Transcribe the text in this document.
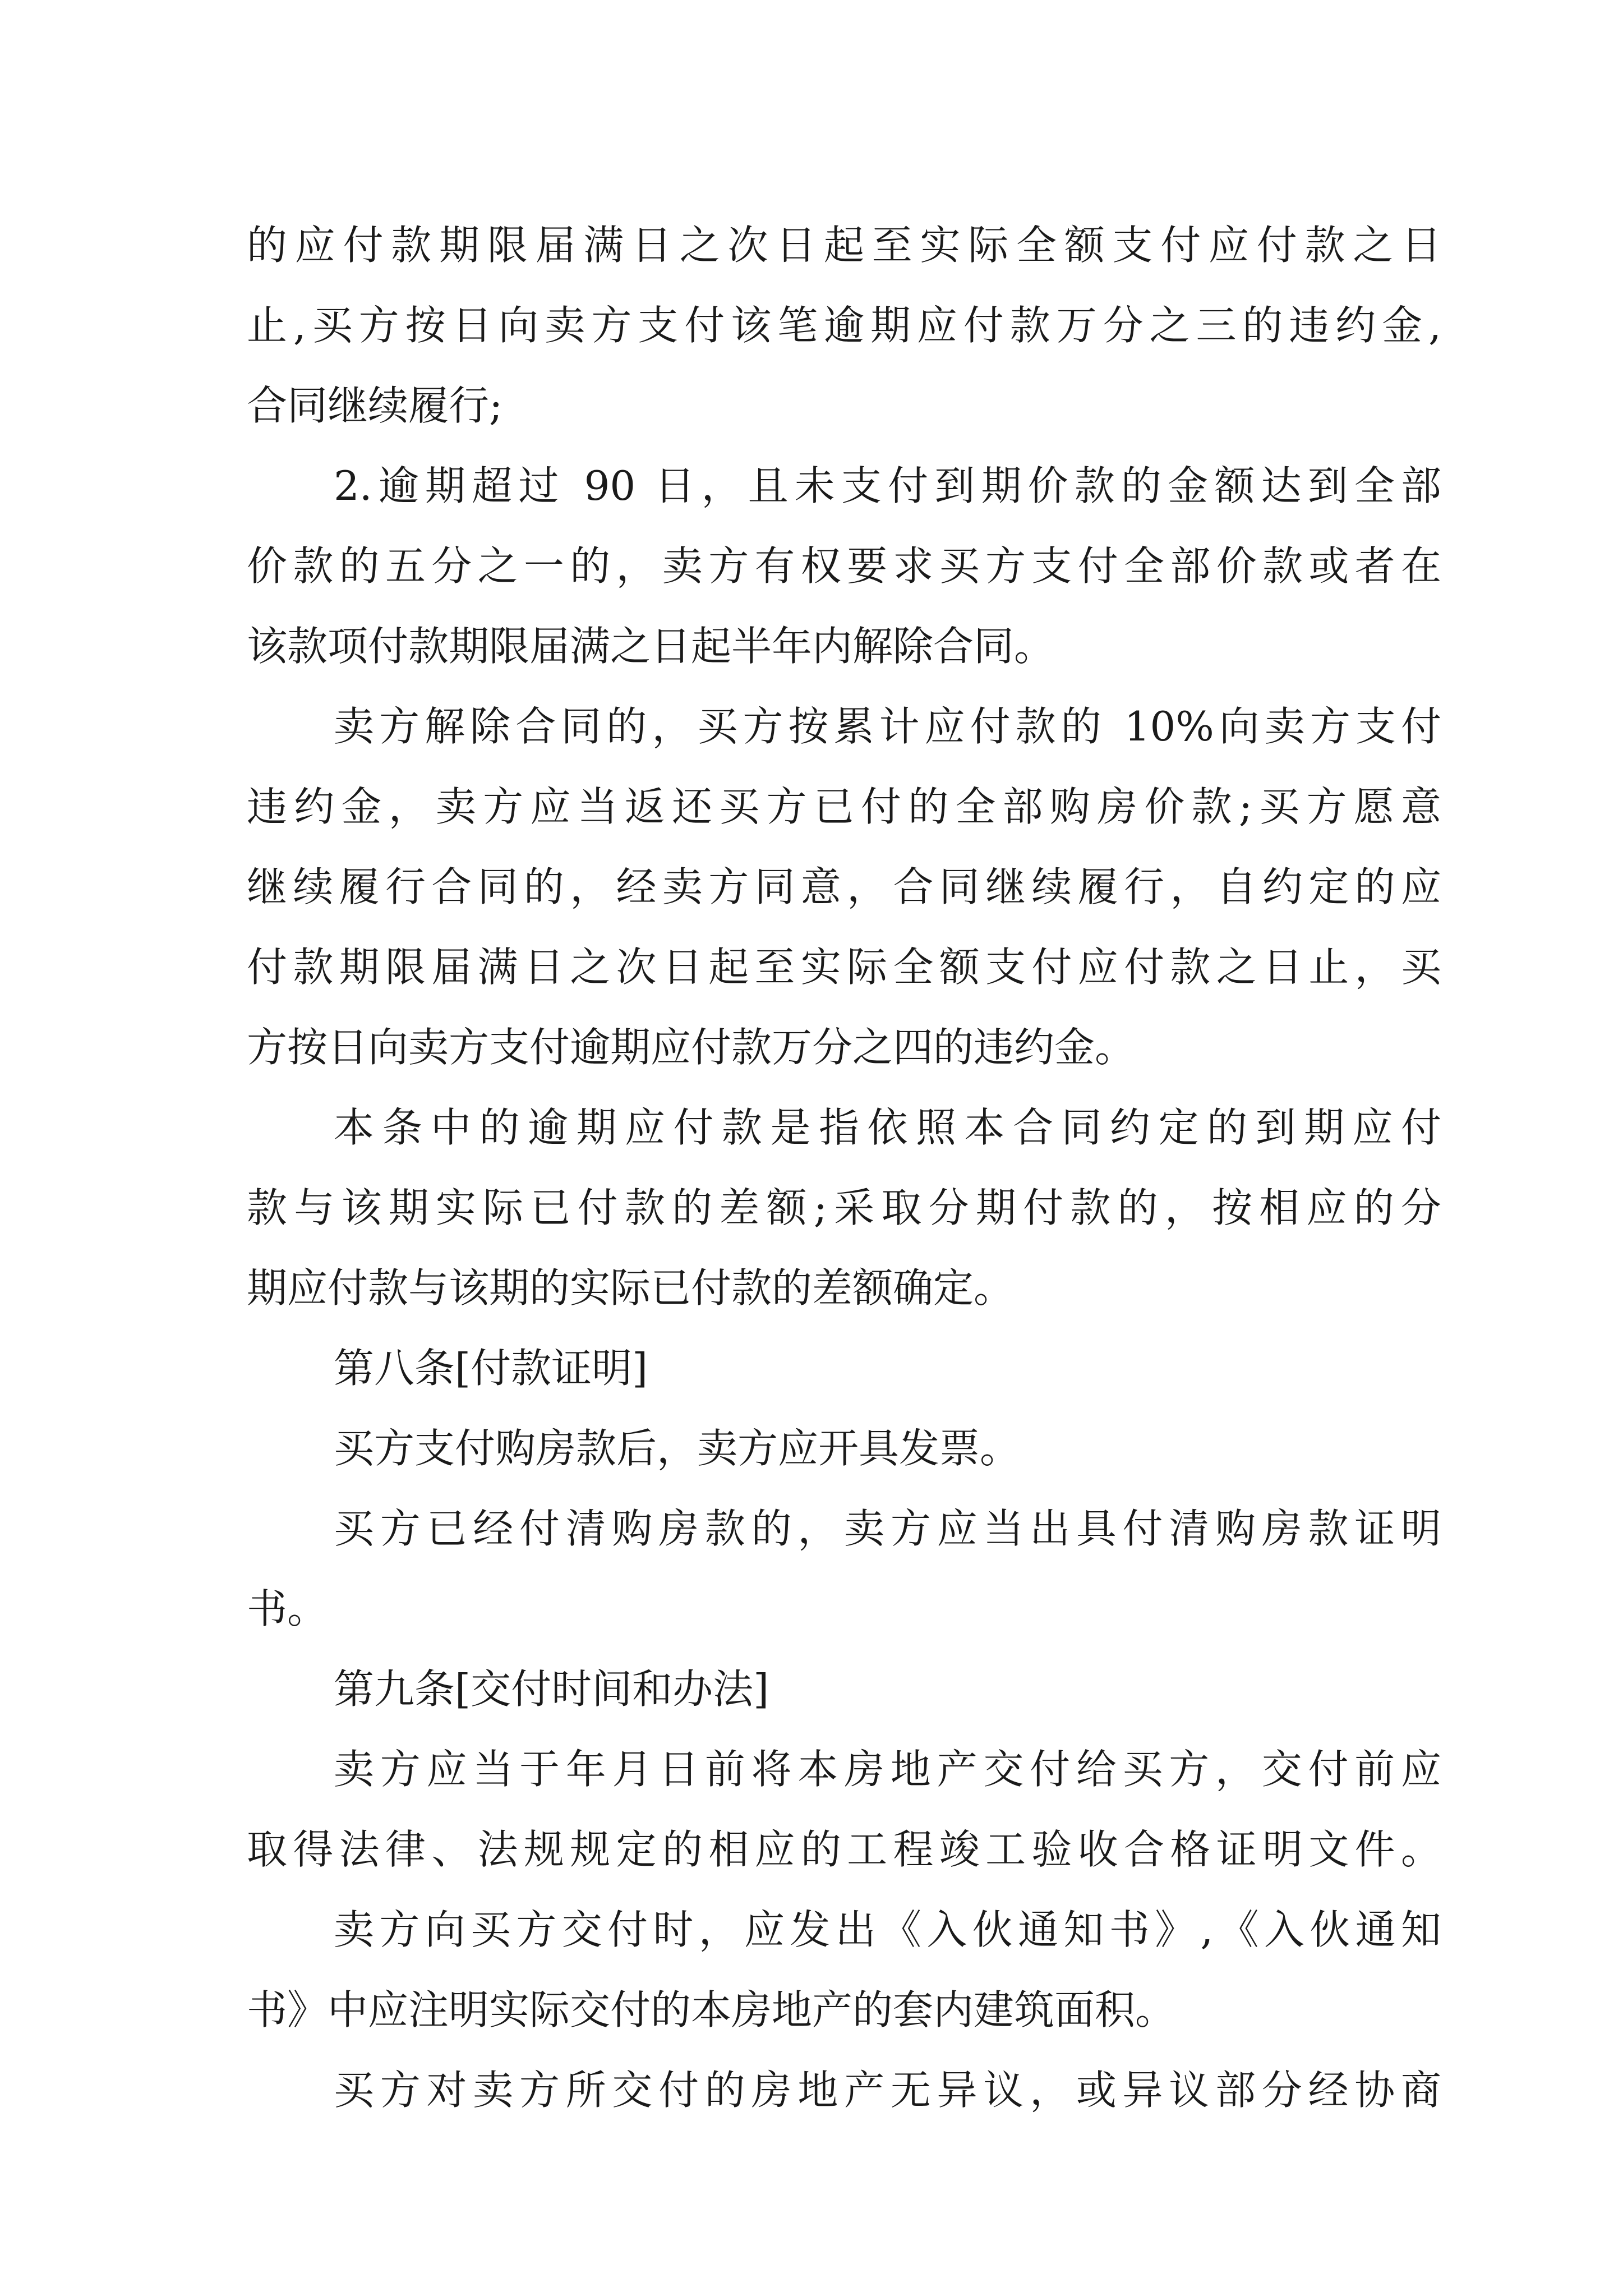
的应付款期限届满日之次日起至实际全额支付应付款之日
止,买方按日向卖方支付该笔逾期应付款万分之三的违约金,
合同继续履行;
2.逾期超过 90 日，且未支付到期价款的金额达到全部
价款的五分之一的，卖方有权要求买方支付全部价款或者在
该款项付款期限届满之日起半年内解除合同。
卖方解除合同的，买方按累计应付款的 10%向卖方支付
违约金，卖方应当返还买方已付的全部购房价款;买方愿意
继续履行合同的，经卖方同意，合同继续履行，自约定的应
付款期限届满日之次日起至实际全额支付应付款之日止，买
方按日向卖方支付逾期应付款万分之四的违约金。
本条中的逾期应付款是指依照本合同约定的到期应付
款与该期实际已付款的差额;采取分期付款的，按相应的分
期应付款与该期的实际已付款的差额确定。
第八条[付款证明]
买方支付购房款后，卖方应开具发票。
买方已经付清购房款的，卖方应当出具付清购房款证明
书。
第九条[交付时间和办法]
卖方应当于年月日前将本房地产交付给买方，交付前应
取得法律、法规规定的相应的工程竣工验收合格证明文件。
卖方向买方交付时，应发出《入伙通知书》,《入伙通知
书》中应注明实际交付的本房地产的套内建筑面积。
买方对卖方所交付的房地产无异议，或异议部分经协商
